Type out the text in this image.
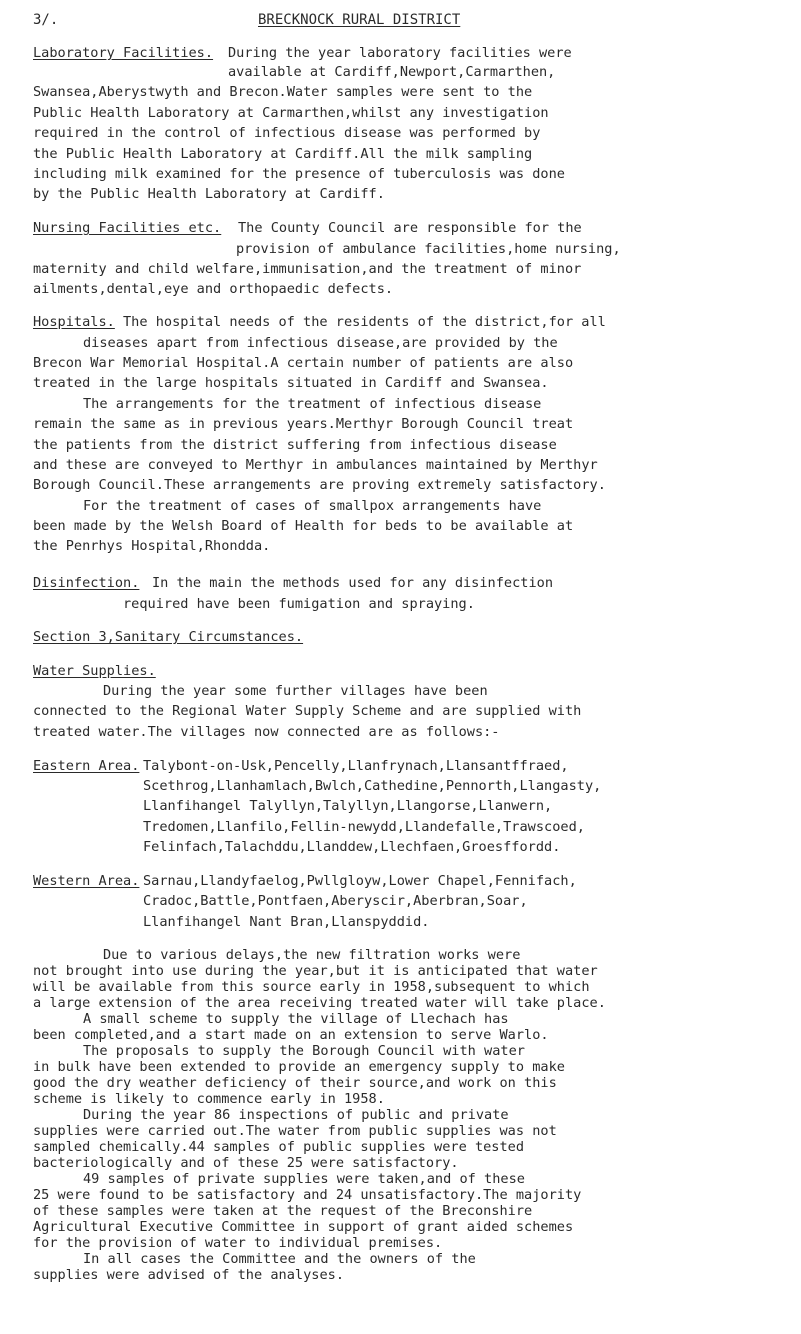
3/.	BRECKNOCK RURAL DISTRICT
Laboratory Facilities. During the year laboratory facilities were
available at Cardiff,Newport,Carmarthen,
Swansea,Aberystwyth and Brecon.Water samples were sent to the
Public Health Laboratory at Carmarthen,whilst any investigation
required in the control of infectious disease was performed by
the Public Health Laboratory at Cardiff.All the milk sampling
including milk examined for the presence of tuberculosis was done
by the Public Health Laboratory at Cardiff.
Nursing Facilities etc. The County Council are responsible for the
provision of ambulance facilities,home nursing,
maternity and child welfare,immunisation,and the treatment of minor
ailments,dental,eye and orthopaedic defects.
Hospitals. The hospital needs of the residents of the district,for all
diseases apart from infectious disease,are provided by the
Brecon War Memorial Hospital.A certain number of patients are also
treated in the large hospitals situated in Cardiff and Swansea.
The arrangements for the treatment of infectious disease
remain the same as in previous years.Merthyr Borough Council treat
the patients from the district suffering from infectious disease
and these are conveyed to Merthyr in ambulances maintained by Merthyr
Borough Council.These arrangements are proving extremely satisfactory.
For the treatment of cases of smallpox arrangements have
been made by the Welsh Board of Health for beds to be available at
the Penrhys Hospital,Rhondda.
Disinfection. In the main the methods used for any disinfection
required have been fumigation and spraying.
Section 3,Sanitary Circumstances.
Water Supplies.
During the year some further villages have been
connected to the Regional Water Supply Scheme and are supplied with
treated water.The villages now connected are as follows:-
Eastern Area. Talybont-on-Usk,Pencelly,Llanfrynach,Llansantffraed,
Scethrog,Llanhamlach,Bwlch,Cathedine,Pennorth,Llangasty,
Llanfihangel Talyllyn,Talyllyn,Llangorse,Llanwern,
Tredomen,Llanfilo,Fellin-newydd,Llandefalle,Trawscoed,
Felinfach,Talachddu,Llanddew,Llechfaen,Groesffordd.
Western Area. Sarnau,Llandyfaelog,Pwllgloyw,Lower Chapel,Fennifach,
Cradoc,Battle,Pontfaen,Aberyscir,Aberbran,Soar,
Llanfihangel Nant Bran,Llanspyddid.
Due to various delays,the new filtration works were
not brought into use during the year,but it is anticipated that water
will be available from this source early in 1958,subsequent to which
a large extension of the area receiving treated water will take place.
A small scheme to supply the village of Llechach has
been completed,and a start made on an extension to serve Warlo.
The proposals to supply the Borough Council with water
in bulk have been extended to provide an emergency supply to make
good the dry weather deficiency of their source,and work on this
scheme is likely to commence early in 1958.
During the year 86 inspections of public and private
supplies were carried out.The water from public supplies was not
sampled chemically.44 samples of public supplies were tested
bacteriologically and of these 25 were satisfactory.
49 samples of private supplies were taken,and of these
25 were found to be satisfactory and 24 unsatisfactory.The majority
of these samples were taken at the request of the Breconshire
Agricultural Executive Committee in support of grant aided schemes
for the provision of water to individual premises.
In all cases the Committee and the owners of the
supplies were advised of the analyses.
